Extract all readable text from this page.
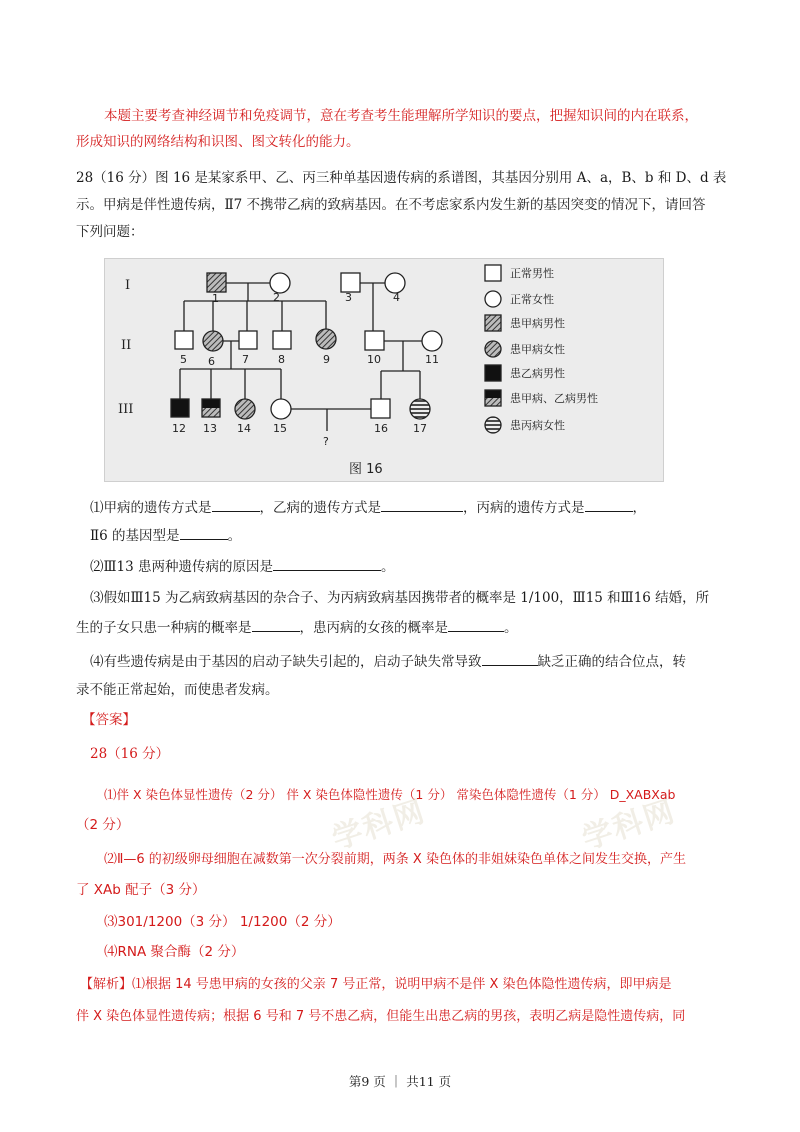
学科网	学科网
本题主要考查神经调节和免疫调节，意在考查考生能理解所学知识的要点，把握知识间的内在联系，
形成知识的网络结构和识图、图文转化的能力。
28（16 分）图 16 是某家系甲、乙、丙三种单基因遗传病的系谱图，其基因分别用 A、a，B、b 和 D、d 表
示。甲病是伴性遗传病，Ⅱ7 不携带乙病的致病基因。在不考虑家系内发生新的基因突变的情况下，请回答
下列问题：
I
II
III
1	2	3	4
5 6 7	8	9	10	11
12 13 14 15	16 17
?
正常男性
正常女性
患甲病男性
患甲病女性
患乙病男性
患甲病、乙病男性
患丙病女性
图 16
⑴甲病的遗传方式是	，乙病的遗传方式是	，丙病的遗传方式是	，
Ⅱ6 的基因型是	。
⑵Ⅲ13 患两种遗传病的原因是	。
⑶假如Ⅲ15 为乙病致病基因的杂合子、为丙病致病基因携带者的概率是 1/100，Ⅲ15 和Ⅲ16 结婚，所
生的子女只患一种病的概率是	，患丙病的女孩的概率是	。
⑷有些遗传病是由于基因的启动子缺失引起的，启动子缺失常导致	缺乏正确的结合位点，转
录不能正常起始，而使患者发病。
【答案】
28（16 分）
⑴伴 X 染色体显性遗传（2 分） 伴 X 染色体隐性遗传（1 分） 常染色体隐性遗传（1 分） D_XABXab
（2 分）
⑵Ⅱ—6 的初级卵母细胞在减数第一次分裂前期，两条 X 染色体的非姐妹染色单体之间发生交换，产生
了 XAb 配子（3 分）
⑶301/1200（3 分） 1/1200（2 分）
⑷RNA 聚合酶（2 分）
【解析】⑴根据 14 号患甲病的女孩的父亲 7 号正常，说明甲病不是伴 X 染色体隐性遗传病，即甲病是
伴 X 染色体显性遗传病；根据 6 号和 7 号不患乙病，但能生出患乙病的男孩，表明乙病是隐性遗传病，同
第9 页 ｜ 共11 页
